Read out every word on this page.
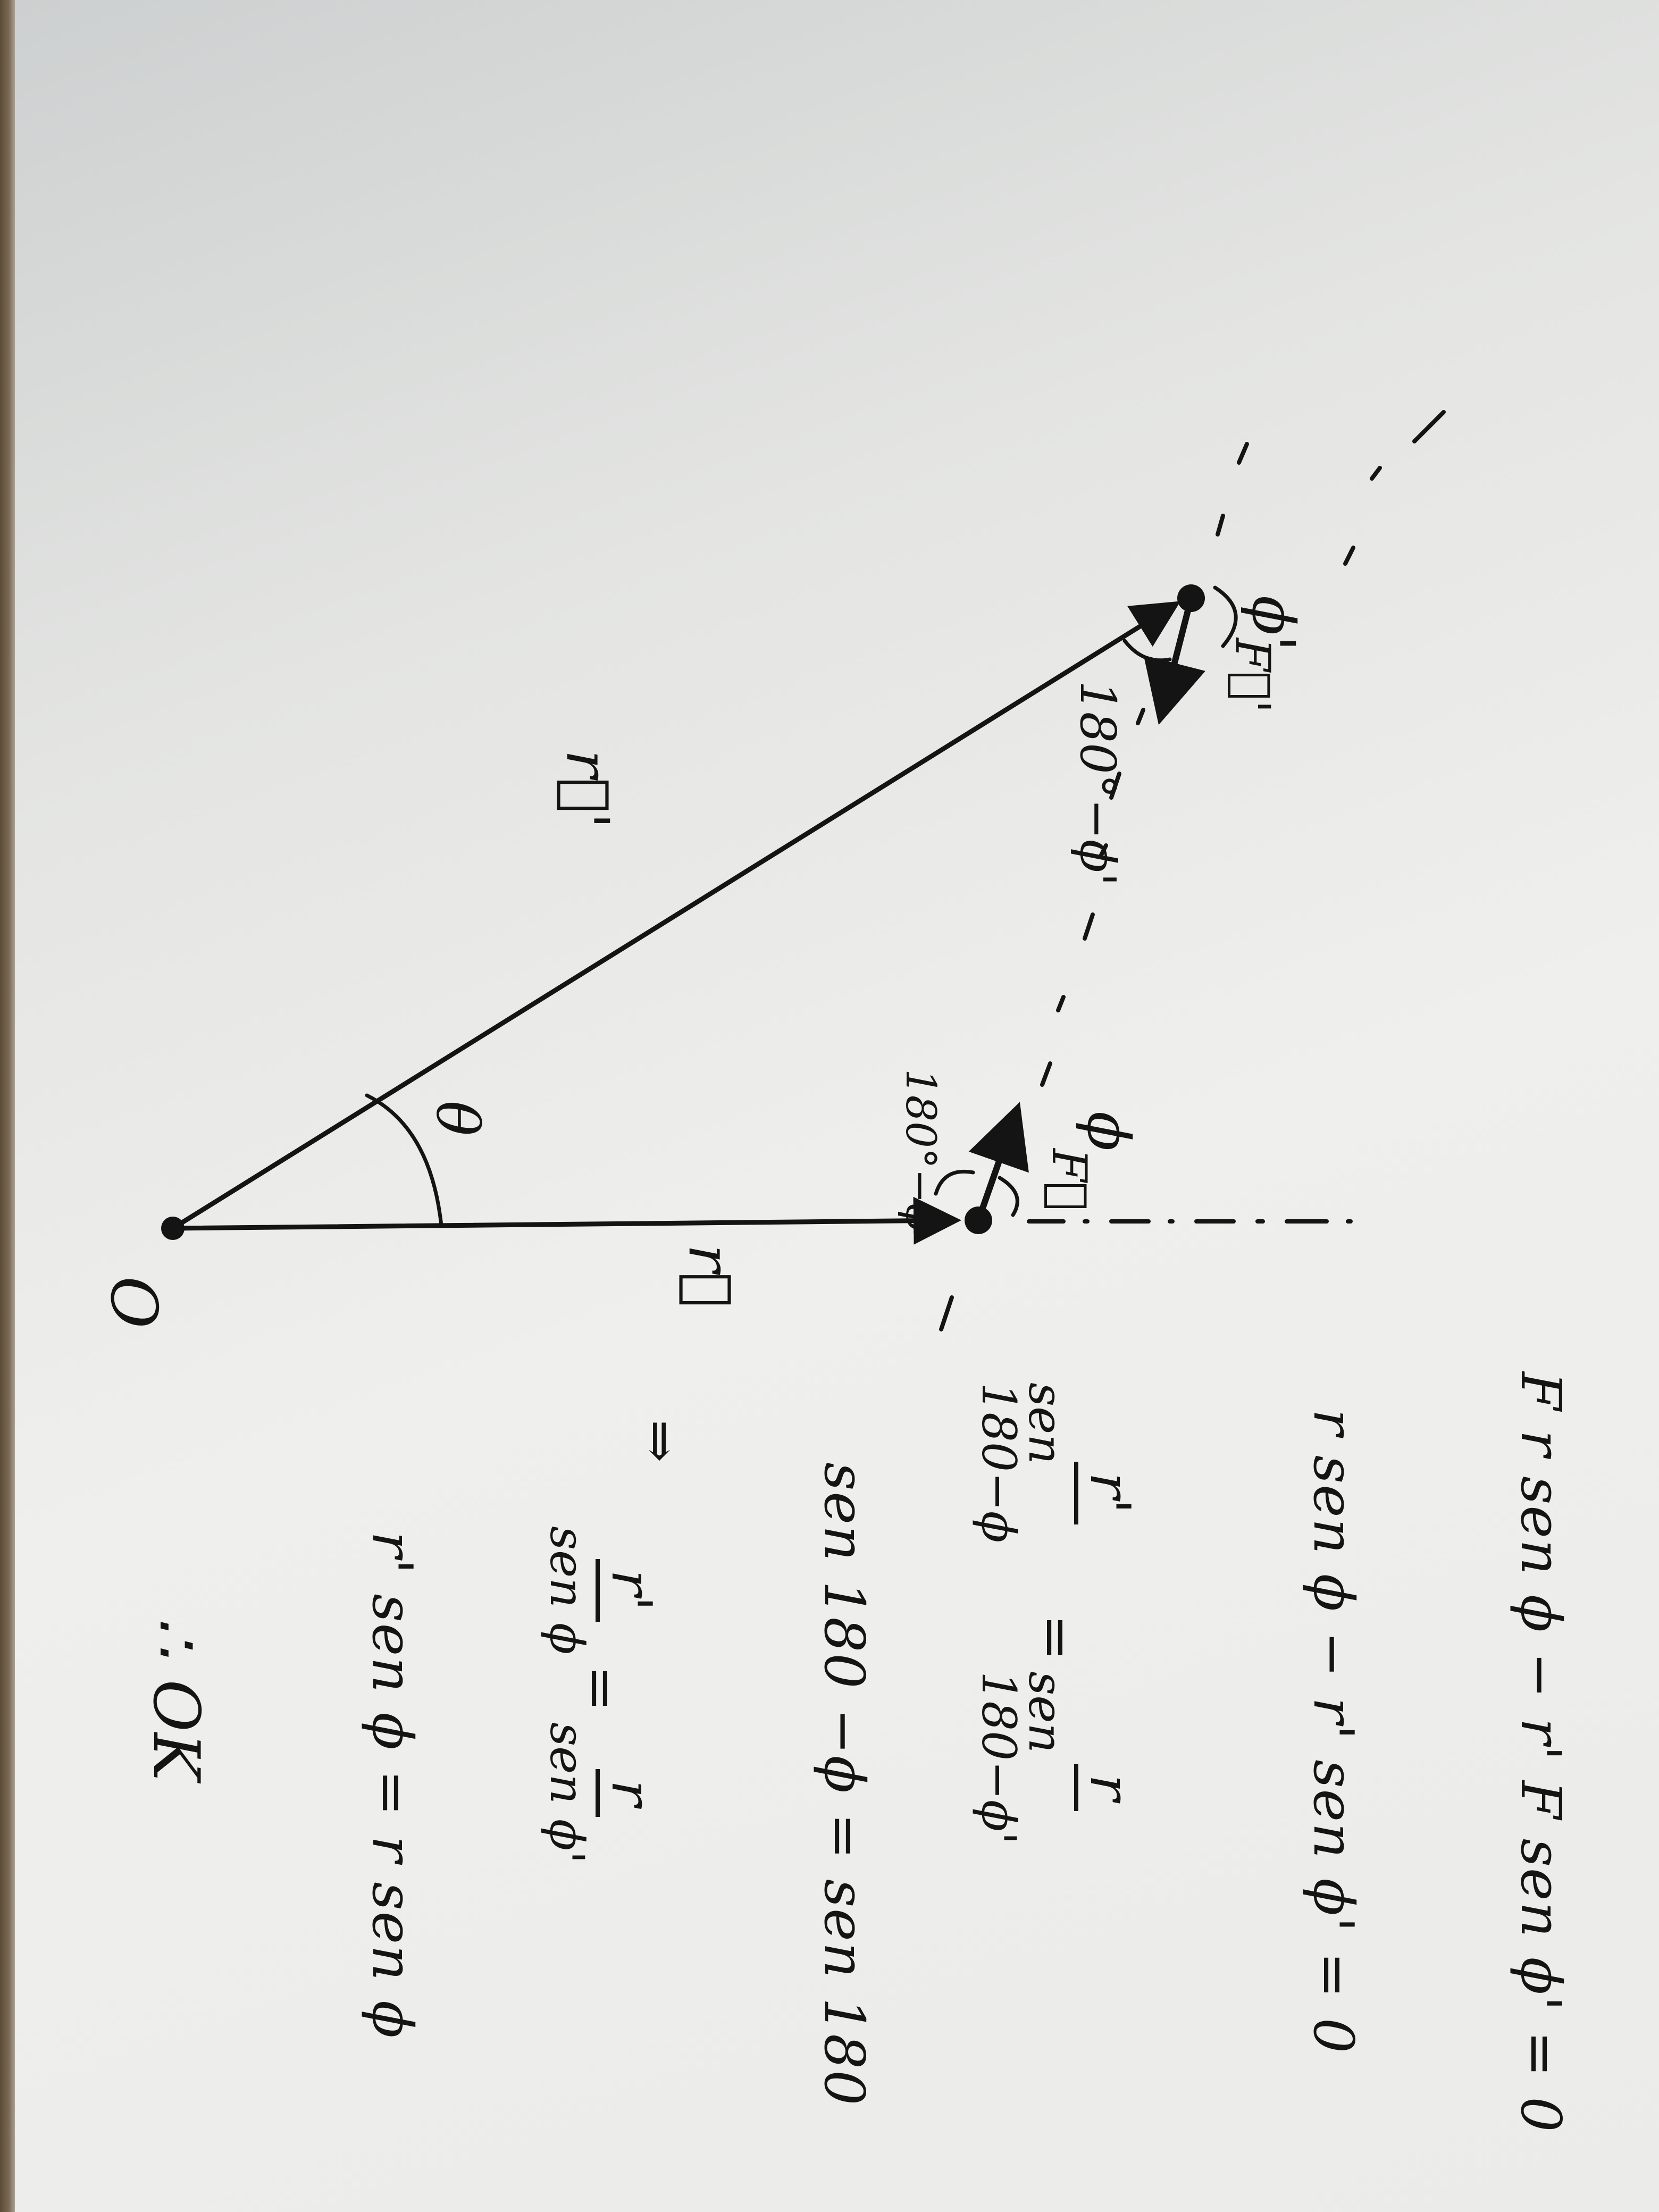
O
θ
r⃗
r⃗'
F⃗
F⃗'
ϕ
ϕ'
180°−ϕ
180°−ϕ'
F r sen ϕ − r' F sen ϕ' = 0
r sen ϕ − r' sen ϕ' = 0
r'
sen 180−ϕ
=
r
sen 180−ϕ'
sen 180 −ϕ = sen 180
⇒
r'
sen ϕ
=
r
sen ϕ'
r' sen ϕ = r sen ϕ
∴ OK
